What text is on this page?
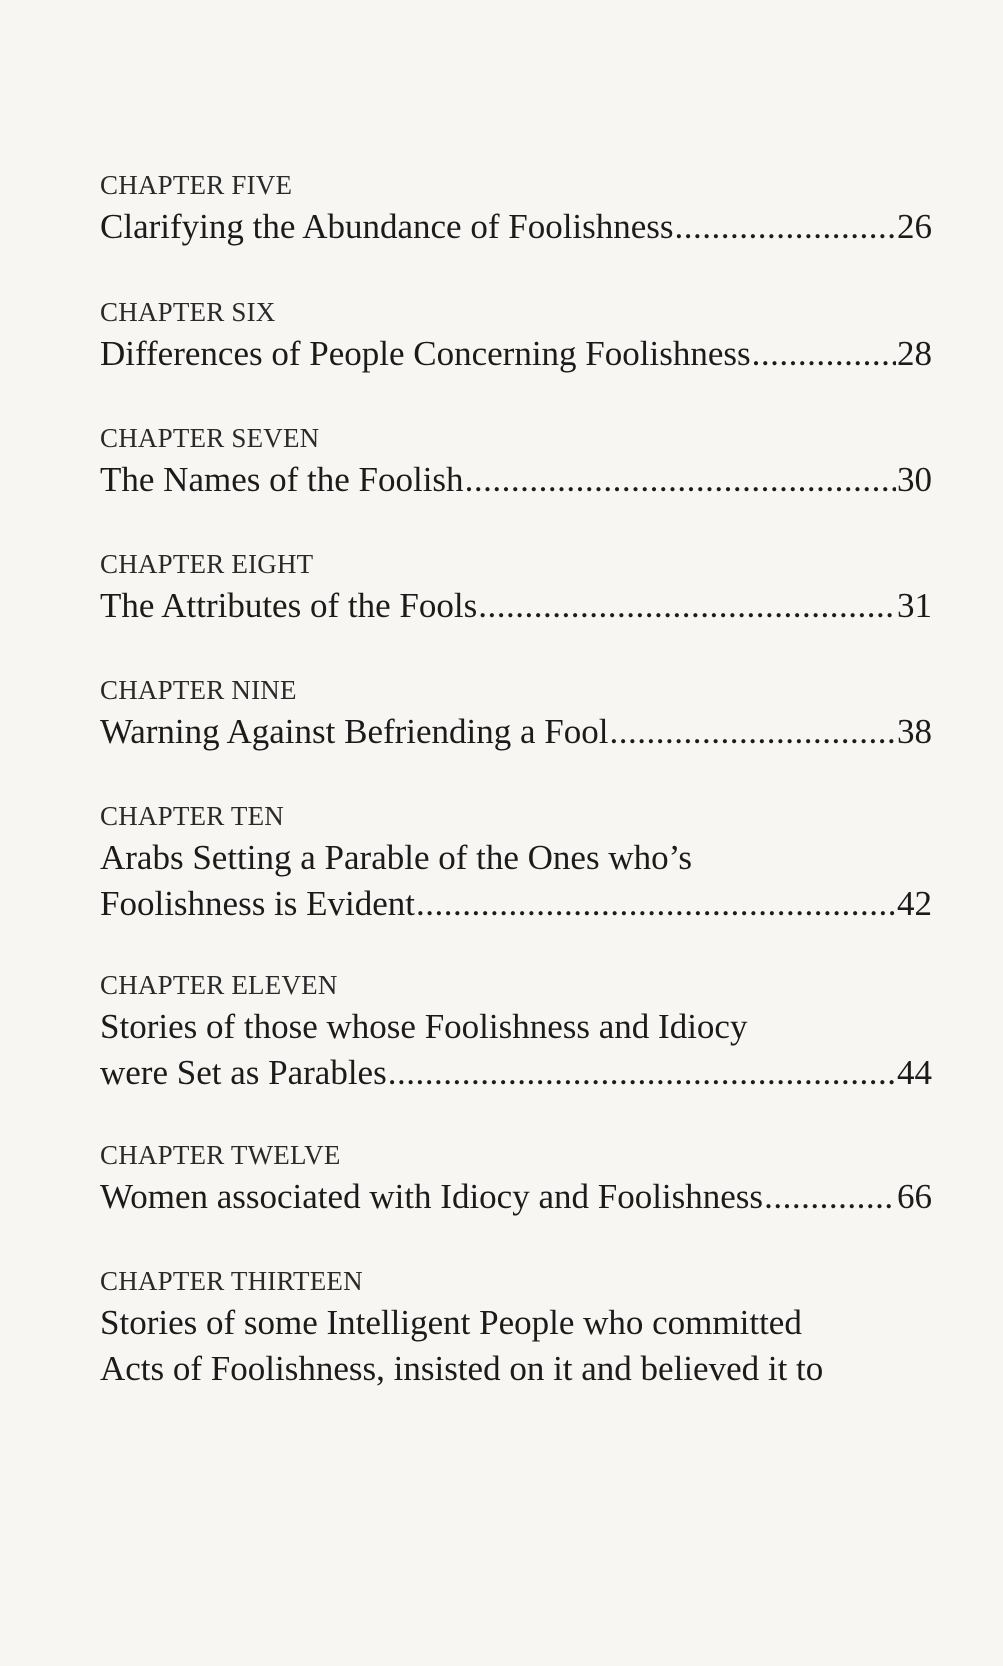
CHAPTER FIVE
Clarifying the Abundance of Foolishness .....	26
CHAPTER SIX
Differences of People Concerning Foolishness .....	28
CHAPTER SEVEN
The Names of the Foolish .....	30
CHAPTER EIGHT
The Attributes of the Fools .....	31
CHAPTER NINE
Warning Against Befriending a Fool .....	38
CHAPTER TEN
Arabs Setting a Parable of the Ones who’s
Foolishness is Evident .....	42
CHAPTER ELEVEN
Stories of those whose Foolishness and Idiocy
were Set as Parables .....	44
CHAPTER TWELVE
Women associated with Idiocy and Foolishness .....	66
CHAPTER THIRTEEN
Stories of some Intelligent People who committed
Acts of Foolishness, insisted on it and believed it to
